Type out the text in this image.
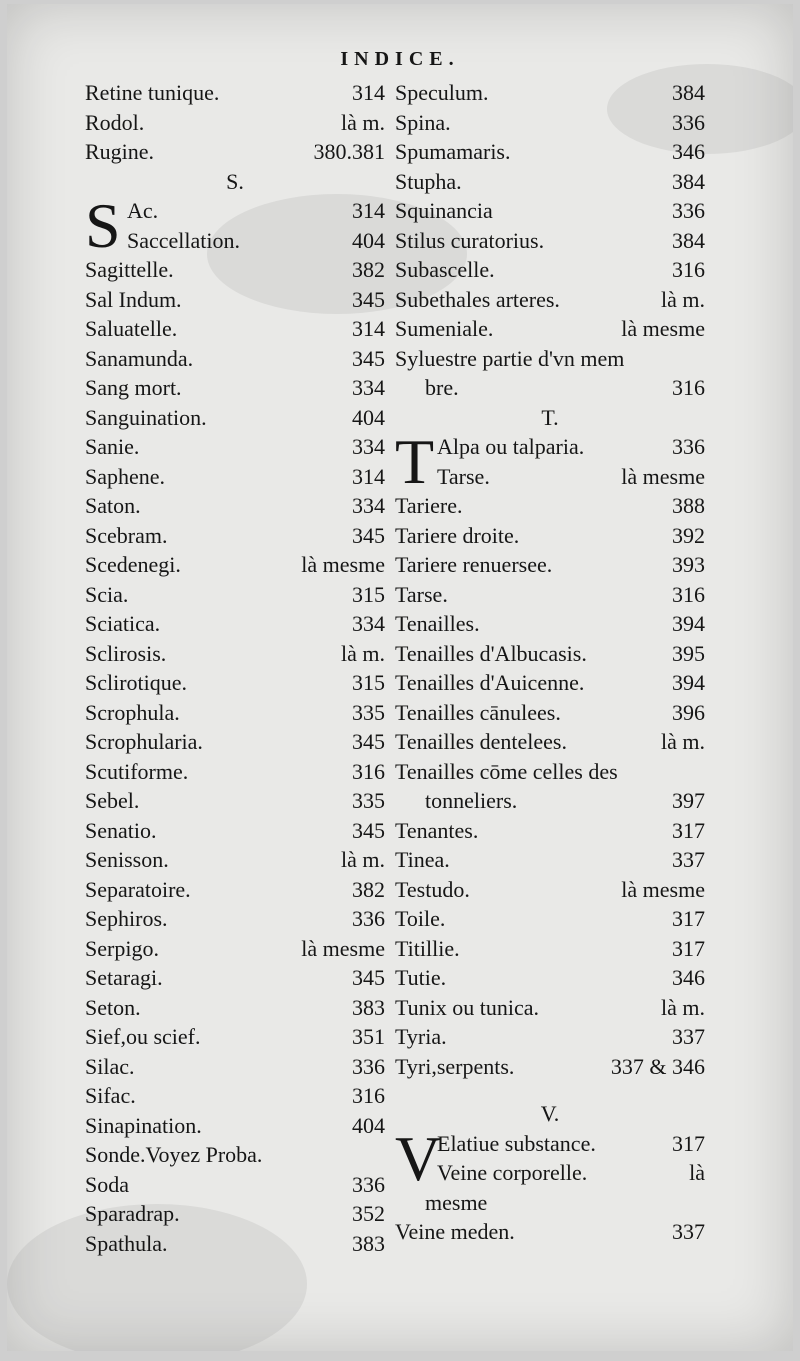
INDICE.
Retine tunique.	314
Rodol.	là m.
Rugine.	380.381
S.
S Ac.	314
Saccellation.	404
Sagittelle.	382
Sal Indum.	345
Saluatelle.	314
Sanamunda.	345
Sang mort.	334
Sanguination.	404
Sanie.	334
Saphene.	314
Saton.	334
Scebram.	345
Scedenegi.	là mesme
Scia.	315
Sciatica.	334
Sclirosis.	là m.
Sclirotique.	315
Scrophula.	335
Scrophularia.	345
Scutiforme.	316
Sebel.	335
Senatio.	345
Senisson.	là m.
Separatoire.	382
Sephiros.	336
Serpigo.	là mesme
Setaragi.	345
Seton.	383
Sief,ou scief.	351
Silac.	336
Sifac.	316
Sinapination.	404
Sonde.Voyez Proba.
Soda	336
Sparadrap.	352
Spathula.	383
Speculum.	384
Spina.	336
Spumamaris.	346
Stupha.	384
Squinancia	336
Stilus curatorius.	384
Subascelle.	316
Subethales arteres.	là m.
Sumeniale.	là mesme
Syluestre partie d'vn mem
bre.	316
T.
T Alpa ou talparia.	336
Tarse.	là mesme
Tariere.	388
Tariere droite.	392
Tariere renuersee.	393
Tarse.	316
Tenailles.	394
Tenailles d'Albucasis.	395
Tenailles d'Auicenne.	394
Tenailles cānulees.	396
Tenailles dentelees.	là m.
Tenailles cōme celles des
tonneliers.	397
Tenantes.	317
Tinea.	337
Testudo.	là mesme
Toile.	317
Titillie.	317
Tutie.	346
Tunix ou tunica.	là m.
Tyria.	337
Tyri,serpents.	337 & 346
V.
V
Elatiue substance.	317
Veine corporelle.	là
mesme
Veine meden.	337
